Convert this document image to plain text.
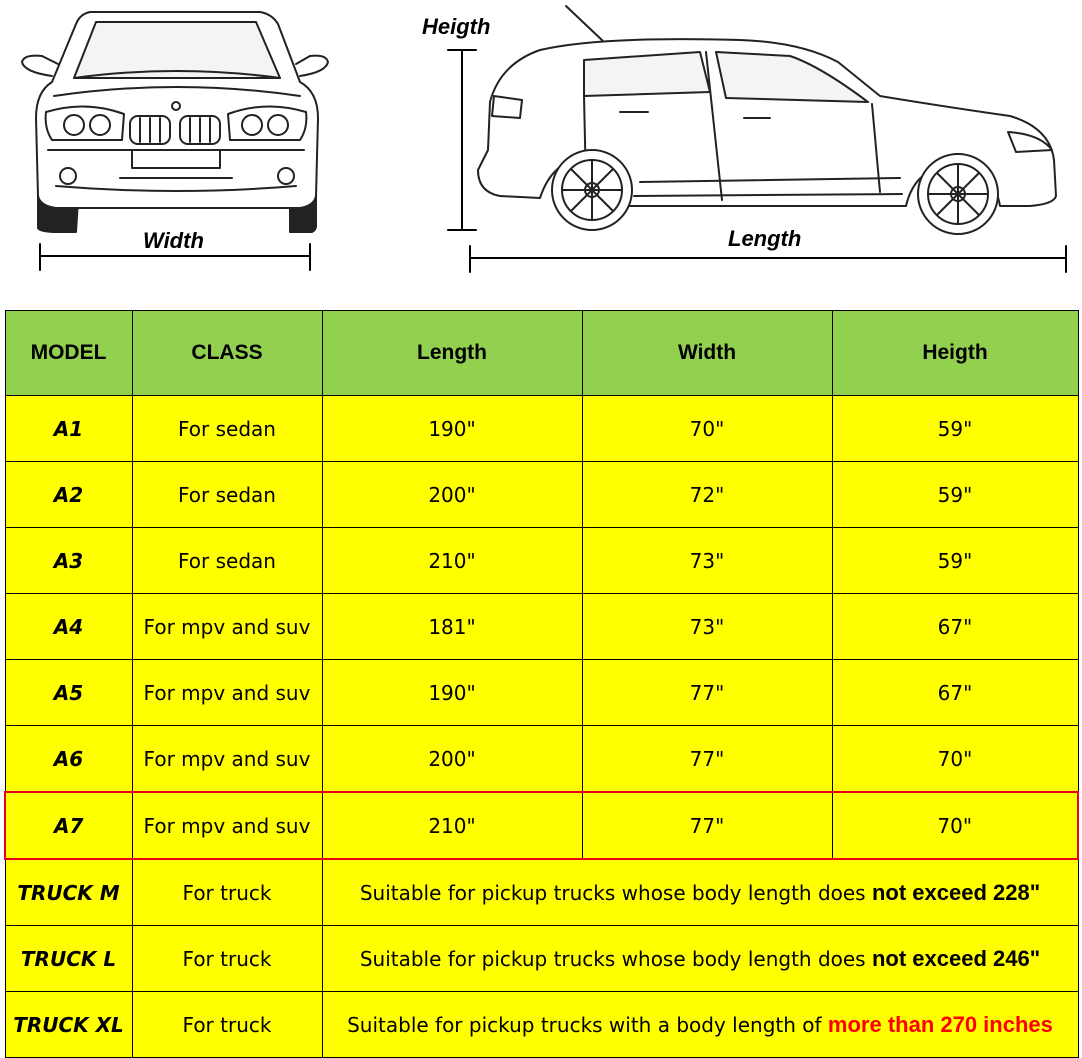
Width
Heigth
Length
MODEL	CLASS	Length	Width	Heigth
A1	For sedan	190"	70"	59"
A2	For sedan	200"	72"	59"
A3	For sedan	210"	73"	59"
A4	For mpv and suv	181"	73"	67"
A5	For mpv and suv	190"	77"	67"
A6	For mpv and suv	200"	77"	70"
A7	For mpv and suv	210"	77"	70"
TRUCK M	For truck	Suitable for pickup trucks whose body length does not exceed 228"		
TRUCK L	For truck	Suitable for pickup trucks whose body length does not exceed 246"		
TRUCK XL	For truck	Suitable for pickup trucks with a body length of more than 270 inches		
